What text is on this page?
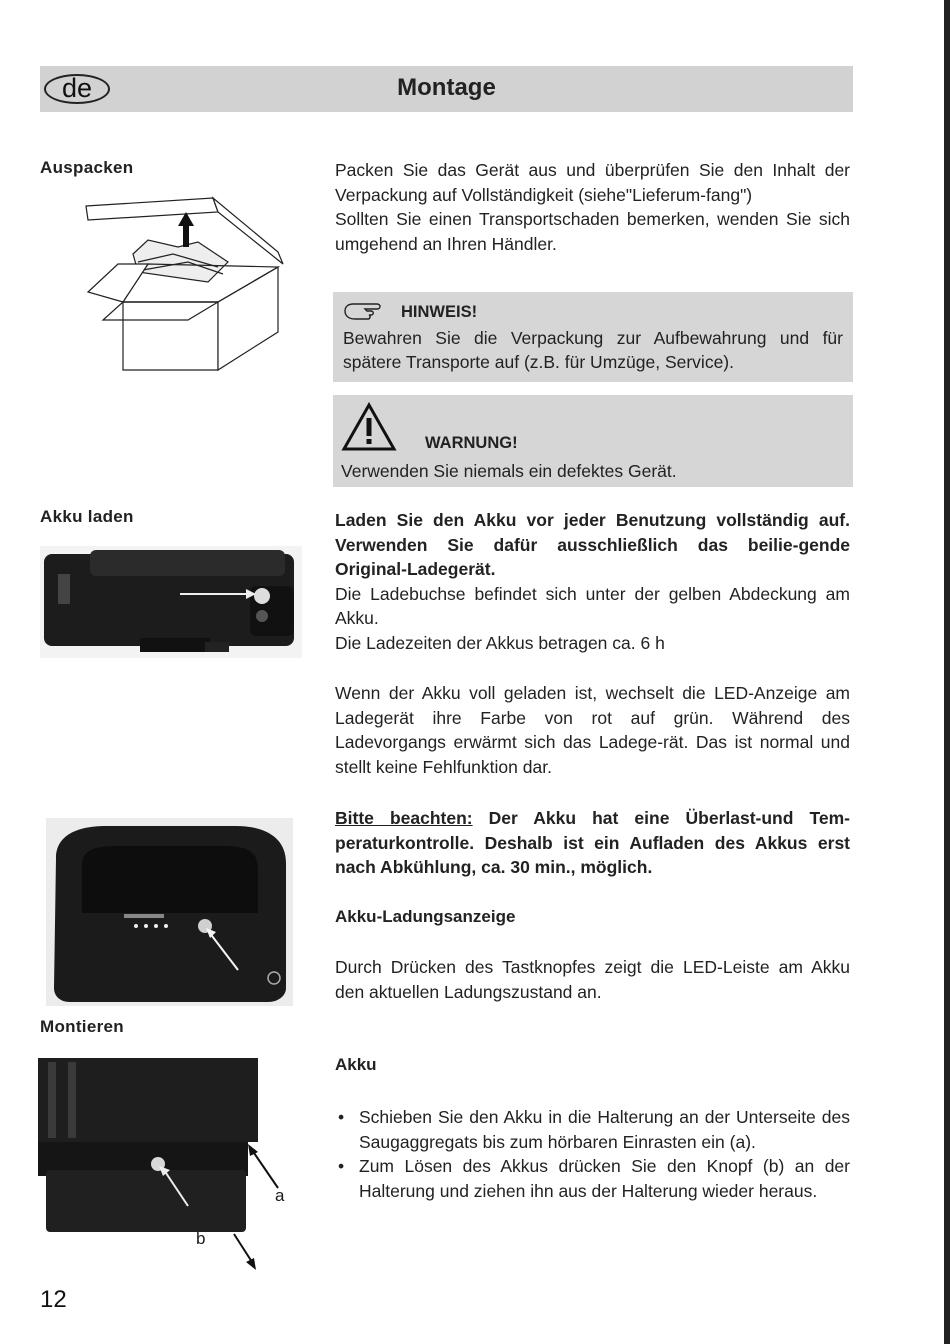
de	Montage
Auspacken	Packen Sie das Gerät aus und überprüfen Sie den Inhalt der Verpackung auf Vollständigkeit (siehe"Lieferum-fang")
Sollten Sie einen Transportschaden bemerken, wenden Sie sich umgehend an Ihren Händler.
HINWEIS!
Bewahren Sie die Verpackung zur Aufbewahrung und für spätere Transporte auf (z.B. für Umzüge, Service).
WARNUNG!
Verwenden Sie niemals ein defektes Gerät.
Akku laden	Laden Sie den Akku vor jeder Benutzung vollständig auf. Verwenden Sie dafür ausschließlich das beilie-gende Original-Ladegerät.
Die Ladebuchse befindet sich unter der gelben Abdeckung am Akku.
Die Ladezeiten der Akkus betragen ca. 6 h
Wenn der Akku voll geladen ist, wechselt die LED-Anzeige am Ladegerät ihre Farbe von rot auf grün. Während des Ladevorgangs erwärmt sich das Ladege-rät. Das ist normal und stellt keine Fehlfunktion dar.
Bitte beachten: Der Akku hat eine Überlast-und Tem-peraturkontrolle. Deshalb ist ein Aufladen des Akkus erst nach Abkühlung, ca. 30 min., möglich.
Akku-Ladungsanzeige
Durch Drücken des Tastknopfes zeigt die LED-Leiste am Akku den aktuellen Ladungszustand an.
Montieren
a
b
Akku
• Schieben Sie den Akku in die Halterung an der Unterseite des Saugaggregats bis zum hörbaren Einrasten ein (a).
• Zum Lösen des Akkus drücken Sie den Knopf (b) an der Halterung und ziehen ihn aus der Halterung wieder heraus.
12
